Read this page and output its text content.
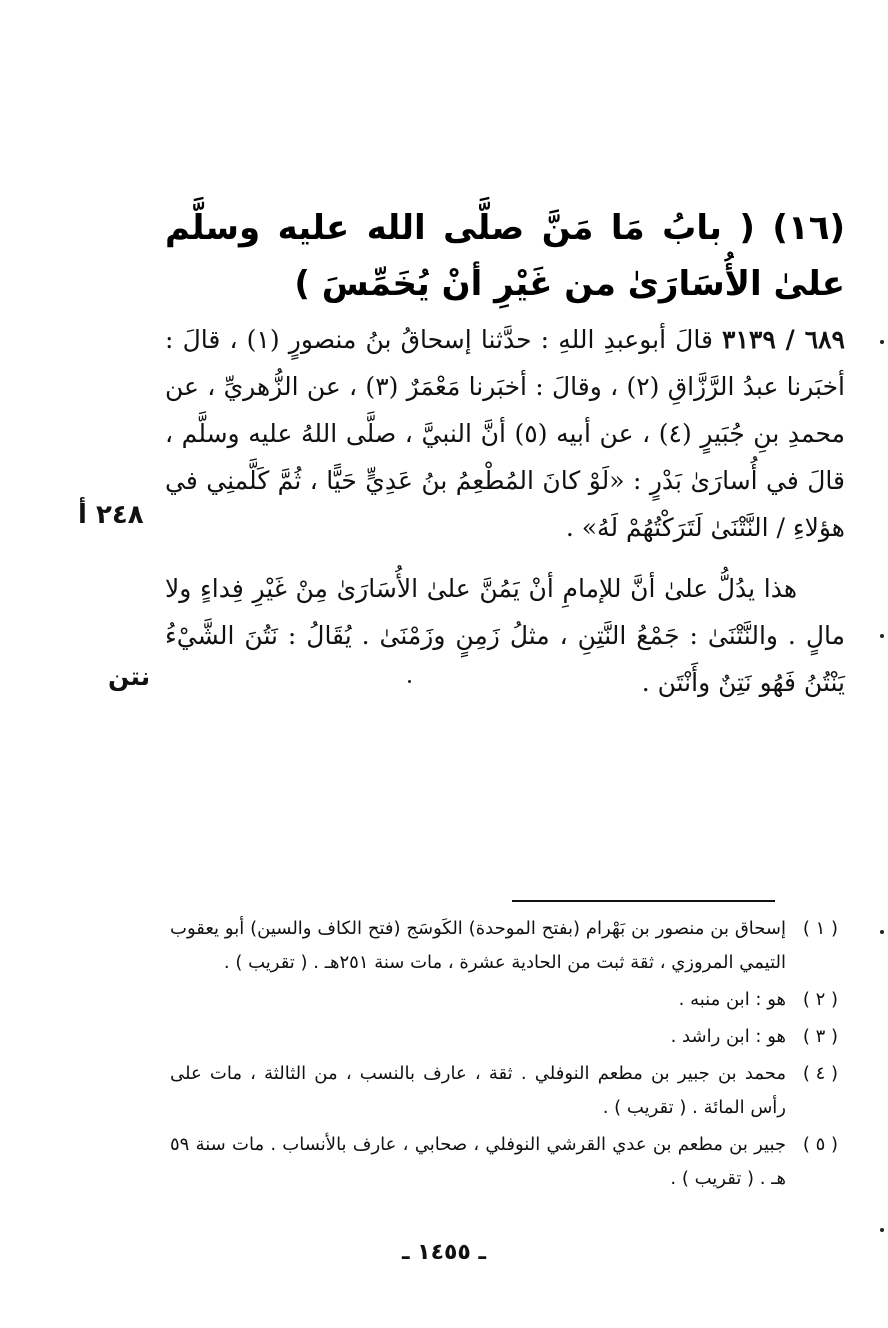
(١٦) ( بابُ مَا مَنَّ صلَّى الله عليه وسلَّم علىٰ الأُسَارَىٰ من غَيْرِ أنْ يُخَمِّسَ )
٦٨٩ / ٣١٣٩ قالَ أبوعبدِ اللهِ : حدَّثنا إسحاقُ بنُ منصورٍ (١) ، قالَ : أخبَرنا عبدُ الرَّزَّاقِ (٢) ، وقالَ : أخبَرنا مَعْمَرٌ (٣) ، عن الزُّهريِّ ، عن محمدِ بنِ جُبَيرٍ (٤) ، عن أبيه (٥) أنَّ النبيَّ ، صلَّى اللهُ عليه وسلَّم ، قالَ في أُسارَىٰ بَدْرٍ : «لَوْ كانَ المُطْعِمُ بنُ عَدِيٍّ حَيًّا ، ثُمَّ كَلَّمنِي في هؤلاءِ / النَّتْنَىٰ لَتَرَكْتُهُمْ لَهُ» .

هذا يدُلُّ علىٰ أنَّ للإمامِ أنْ يَمُنَّ علىٰ الأُسَارَىٰ مِنْ غَيْرِ فِداءٍ ولا مالٍ . والنَّتْنَىٰ : جَمْعُ النَّتِنِ ، مثلُ زَمِنٍ وزَمْنَىٰ . يُقَالُ : نَتُنَ الشَّيْءُ يَنْتُنُ فَهُو نَتِنٌ وأَنْتَن .

٢٤٨ أ
نتن
( ١ )
إسحاق بن منصور بن بَهْرام (بفتح الموحدة) الكَوسَج (فتح الكاف والسين) أبو يعقوب التيمي المروزي ، ثقة ثبت من الحادية عشرة ، مات سنة ٢٥١هـ . ( تقريب ) .
( ٢ )
هو : ابن منبه .
( ٣ )
هو : ابن راشد .
( ٤ )
محمد بن جبير بن مطعم النوفلي . ثقة ، عارف بالنسب ، من الثالثة ، مات على رأس المائة . ( تقريب ) .
( ٥ )
جبير بن مطعم بن عدي القرشي النوفلي ، صحابي ، عارف بالأنساب . مات سنة ٥٩ هـ . ( تقريب ) .
ـ ١٤٥٥ ـ
